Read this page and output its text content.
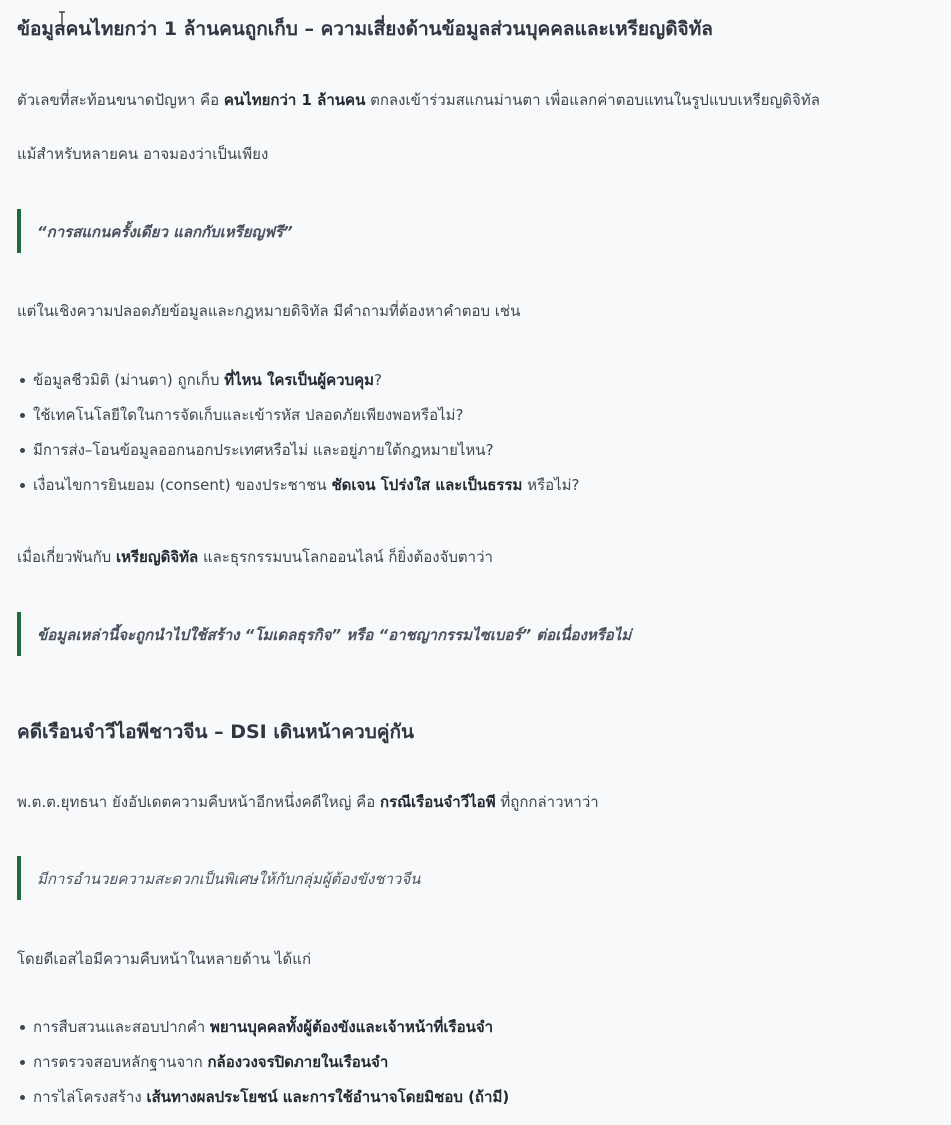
ข้อมูลคนไทยกว่า 1 ล้านคนถูกเก็บ – ความเสี่ยงด้านข้อมูลส่วนบุคคลและเหรียญดิจิทัล

ตัวเลขที่สะท้อนขนาดปัญหา คือ คนไทยกว่า 1 ล้านคน ตกลงเข้าร่วมสแกนม่านตา เพื่อแลกค่าตอบแทนในรูปแบบเหรียญดิจิทัล

แม้สำหรับหลายคน อาจมองว่าเป็นเพียง

“การสแกนครั้งเดียว แลกกับเหรียญฟรี”

แต่ในเชิงความปลอดภัยข้อมูลและกฎหมายดิจิทัล มีคำถามที่ต้องหาคำตอบ เช่น

ข้อมูลชีวมิติ (ม่านตา) ถูกเก็บ ที่ไหน ใครเป็นผู้ควบคุม?
ใช้เทคโนโลยีใดในการจัดเก็บและเข้ารหัส ปลอดภัยเพียงพอหรือไม่?
มีการส่ง–โอนข้อมูลออกนอกประเทศหรือไม่ และอยู่ภายใต้กฎหมายไหน?
เงื่อนไขการยินยอม (consent) ของประชาชน ชัดเจน โปร่งใส และเป็นธรรม หรือไม่?

เมื่อเกี่ยวพันกับ เหรียญดิจิทัล และธุรกรรมบนโลกออนไลน์ ก็ยิ่งต้องจับตาว่า

ข้อมูลเหล่านี้จะถูกนำไปใช้สร้าง “โมเดลธุรกิจ” หรือ “อาชญากรรมไซเบอร์” ต่อเนื่องหรือไม่
คดีเรือนจำวีไอพีชาวจีน – DSI เดินหน้าควบคู่กัน

พ.ต.ต.ยุทธนา ยังอัปเดตความคืบหน้าอีกหนึ่งคดีใหญ่ คือ กรณีเรือนจำวีไอพี ที่ถูกกล่าวหาว่า

มีการอำนวยความสะดวกเป็นพิเศษให้กับกลุ่มผู้ต้องขังชาวจีน

โดยดีเอสไอมีความคืบหน้าในหลายด้าน ได้แก่

การสืบสวนและสอบปากคำ พยานบุคคลทั้งผู้ต้องขังและเจ้าหน้าที่เรือนจำ
การตรวจสอบหลักฐานจาก กล้องวงจรปิดภายในเรือนจำ
การไล่โครงสร้าง เส้นทางผลประโยชน์ และการใช้อำนาจโดยมิชอบ (ถ้ามี)
